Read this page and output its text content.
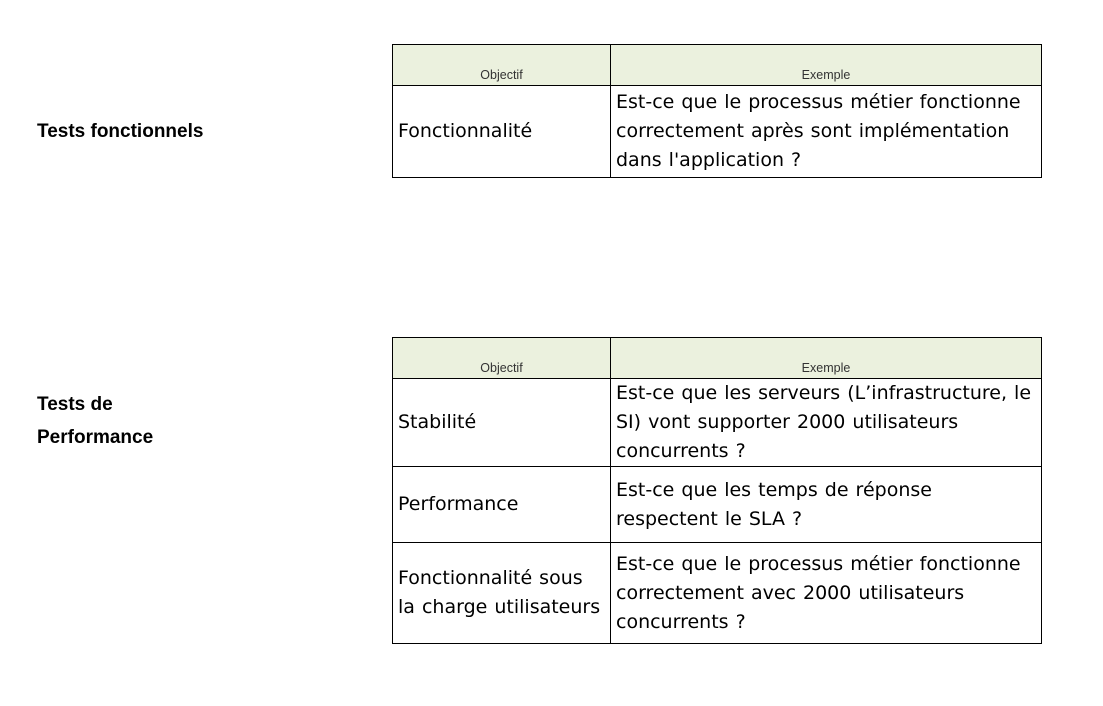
Tests fonctionnels
Objectif	Exemple

Fonctionnalité	Est-ce que le processus métier fonctionne correctement après sont implémentation dans l'application ?
Tests de Performance
Objectif	Exemple

Stabilité	Est-ce que les serveurs (L’infrastructure, le SI) vont supporter 2000 utilisateurs concurrents ?

Performance	Est-ce que les temps de réponse respectent le SLA ?

Fonctionnalité sous la charge utilisateurs	Est-ce que le processus métier fonctionne correctement avec 2000 utilisateurs concurrents ?
